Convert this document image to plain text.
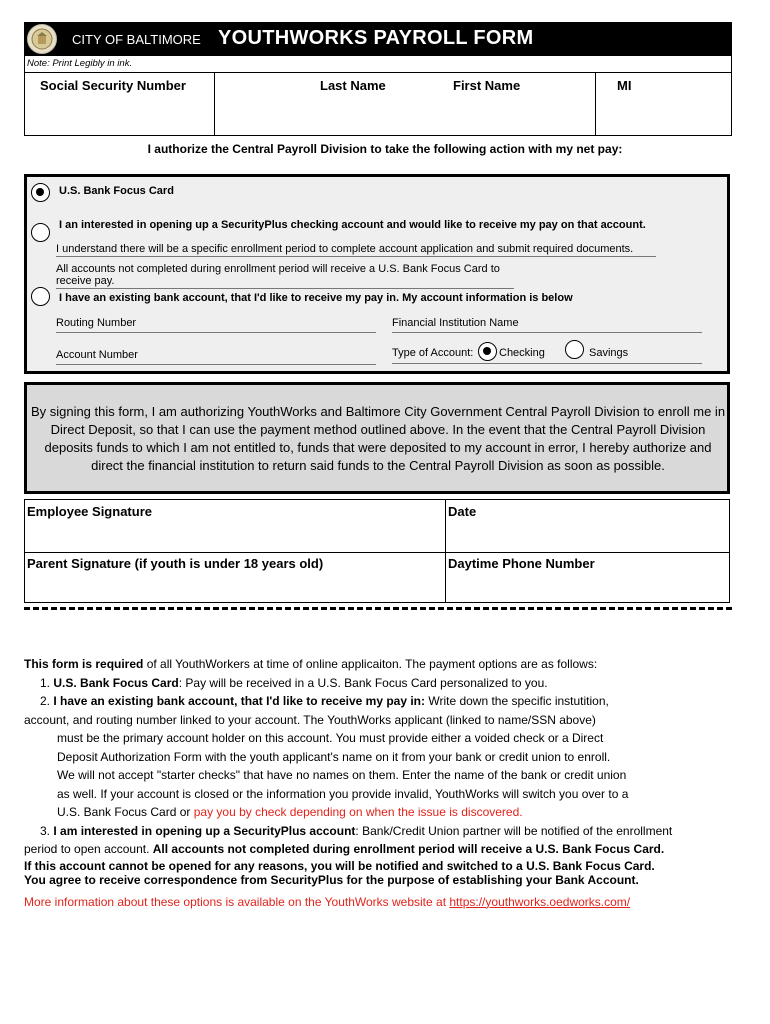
CITY OF BALTIMORE YOUTHWORKS PAYROLL FORM
Note: Print Legibly in ink.
Social Security Number	Last Name	First Name	MI
I authorize the Central Payroll Division to take the following action with my net pay:
U.S. Bank Focus Card
I an interested in opening up a SecurityPlus checking account and would like to receive my pay on that account.
I understand there will be a specific enrollment period to complete account application and submit required documents.
All accounts not completed during enrollment period will receive a U.S. Bank Focus Card to receive pay.
I have an existing bank account, that I'd like to receive my pay in. My account information is below
Routing Number	Financial Institution Name
Account Number	Type of Account: Checking	Savings
By signing this form, I am authorizing YouthWorks and Baltimore City Government Central Payroll Division to enroll me in Direct Deposit, so that I can use the payment method outlined above. In the event that the Central Payroll Division deposits funds to which I am not entitled to, funds that were deposited to my account in error, I hereby authorize and direct the financial institution to return said funds to the Central Payroll Division as soon as possible.
Employee Signature	Date
Parent Signature (if youth is under 18 years old)	Daytime Phone Number

This form is required of all YouthWorkers at time of online applicaiton. The payment options are as follows:

1. U.S. Bank Focus Card: Pay will be received in a U.S. Bank Focus Card personalized to you.

2. I have an existing bank account, that I'd like to receive my pay in: Write down the specific instutition,

account, and routing number linked to your account. The YouthWorks applicant (linked to name/SSN above)

must be the primary account holder on this account. You must provide either a voided check or a Direct

Deposit Authorization Form with the youth applicant's name on it from your bank or credit union to enroll.

We will not accept "starter checks" that have no names on them. Enter the name of the bank or credit union

as well. If your account is closed or the information you provide invalid, YouthWorks will switch you over to a

U.S. Bank Focus Card or pay you by check depending on when the issue is discovered.

3. I am interested in opening up a SecurityPlus account: Bank/Credit Union partner will be notified of the enrollment

period to open account. All accounts not completed during enrollment period will receive a U.S. Bank Focus Card.

If this account cannot be opened for any reasons, you will be notified and switched to a U.S. Bank Focus Card.

You agree to receive correspondence from SecurityPlus for the purpose of establishing your Bank Account.

More information about these options is available on the YouthWorks website at https://youthworks.oedworks.com/
